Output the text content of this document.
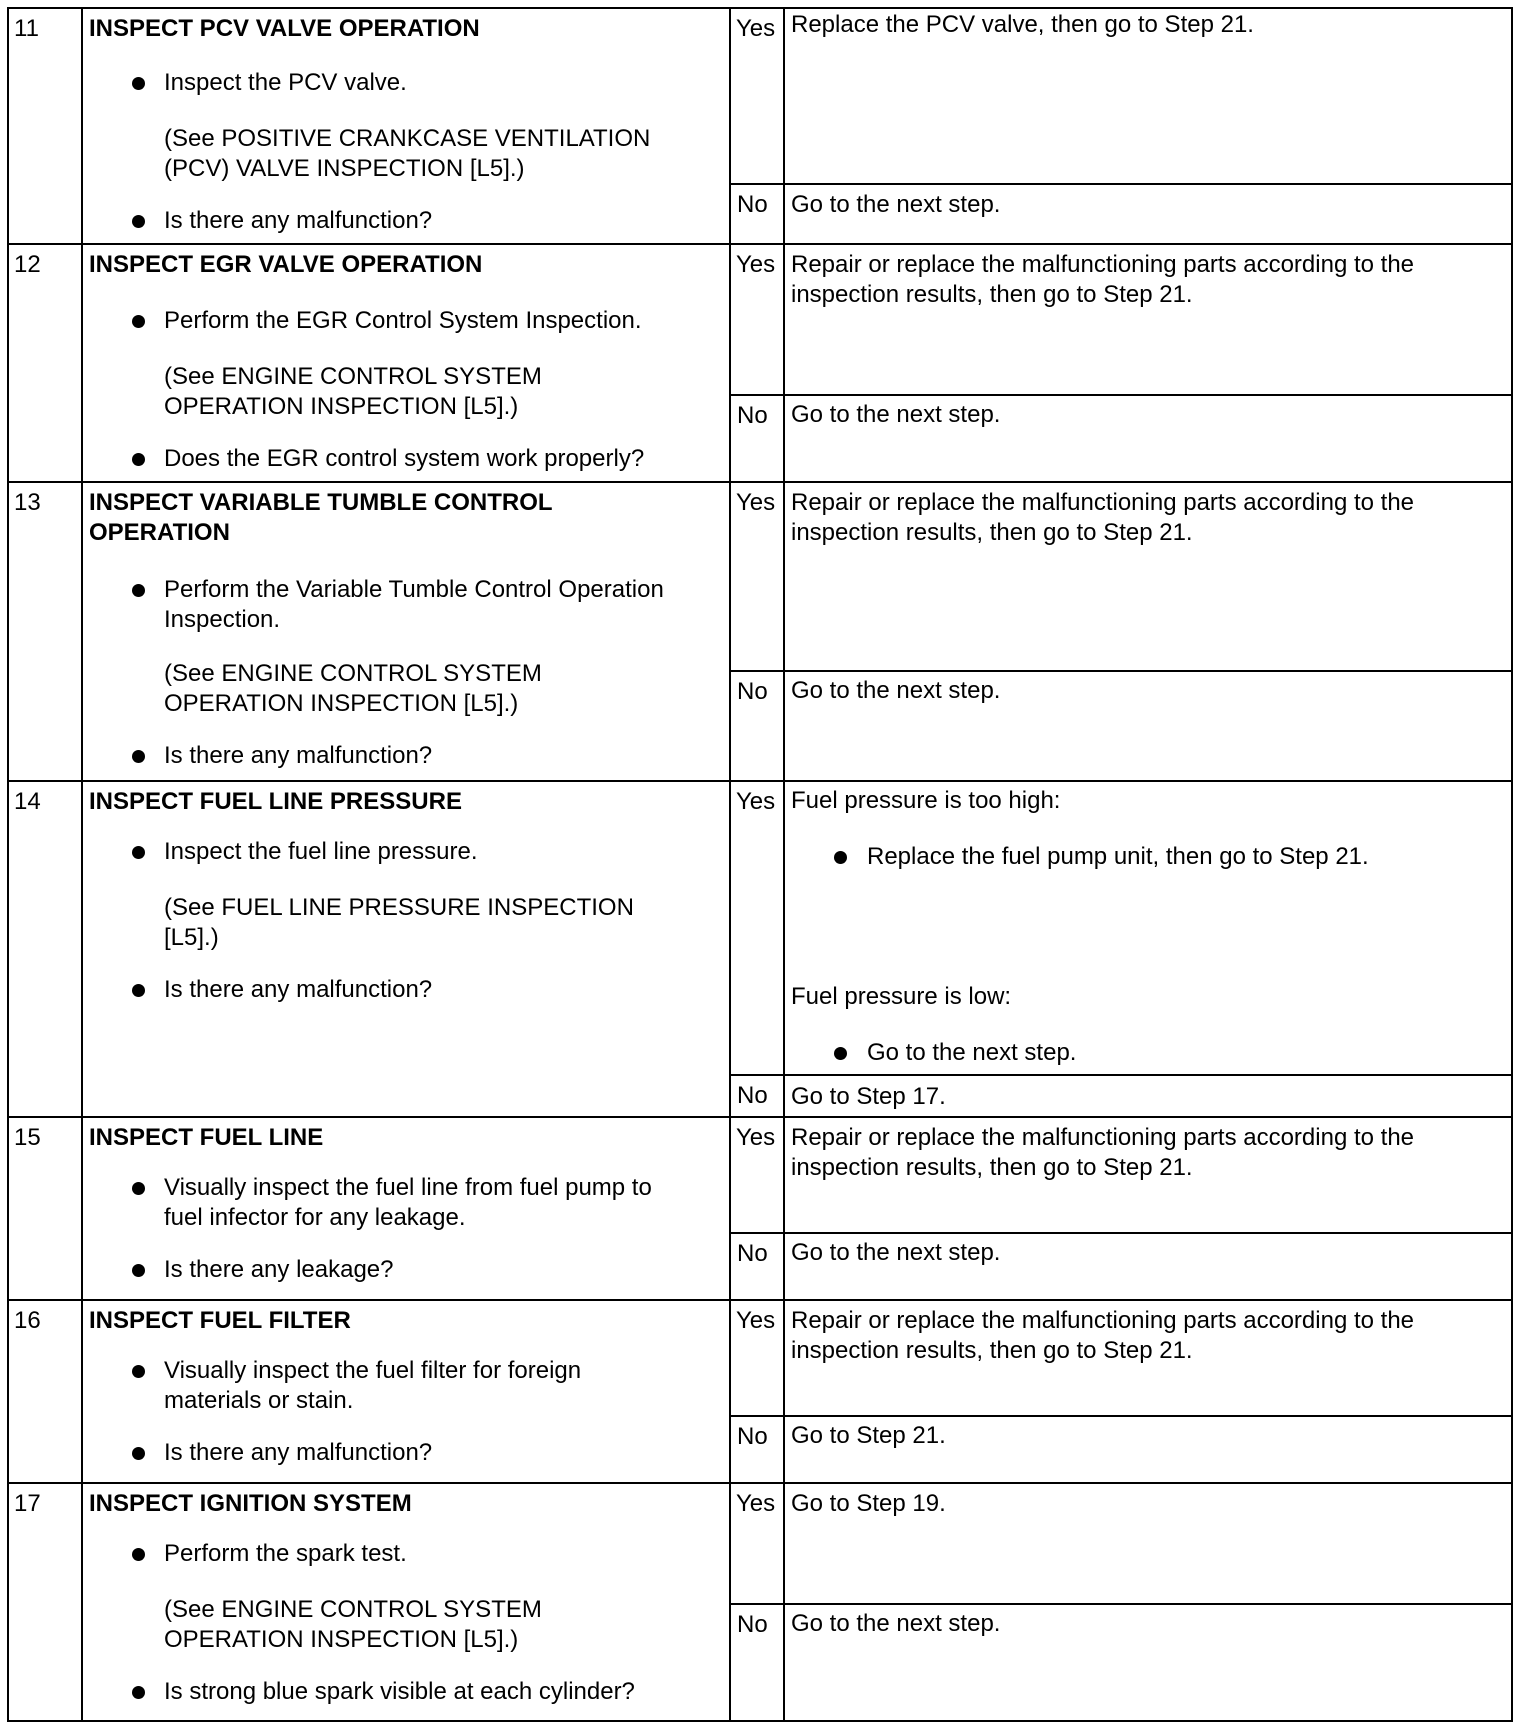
11 INSPECT PCV VALVE OPERATION
Inspect the PCV valve.
(See POSITIVE CRANKCASE VENTILATION
(PCV) VALVE INSPECTION [L5].)
Is there any malfunction?
Yes Replace the PCV valve, then go to Step 21.
No Go to the next step.
12 INSPECT EGR VALVE OPERATION
Perform the EGR Control System Inspection.
(See ENGINE CONTROL SYSTEM
OPERATION INSPECTION [L5].)
Does the EGR control system work properly?
Yes Repair or replace the malfunctioning parts according to the
inspection results, then go to Step 21.
No Go to the next step.
13 INSPECT VARIABLE TUMBLE CONTROL
OPERATION
Perform the Variable Tumble Control Operation
Inspection.
(See ENGINE CONTROL SYSTEM
OPERATION INSPECTION [L5].)
Is there any malfunction?
Yes Repair or replace the malfunctioning parts according to the
inspection results, then go to Step 21.
No Go to the next step.
14 INSPECT FUEL LINE PRESSURE
Inspect the fuel line pressure.
(See FUEL LINE PRESSURE INSPECTION
[L5].)
Is there any malfunction?
Yes Fuel pressure is too high:
Replace the fuel pump unit, then go to Step 21.
Fuel pressure is low:
Go to the next step.
No Go to Step 17.
15 INSPECT FUEL LINE
Visually inspect the fuel line from fuel pump to
fuel infector for any leakage.
Is there any leakage?
Yes Repair or replace the malfunctioning parts according to the
inspection results, then go to Step 21.
No Go to the next step.
16 INSPECT FUEL FILTER
Visually inspect the fuel filter for foreign
materials or stain.
Is there any malfunction?
Yes Repair or replace the malfunctioning parts according to the
inspection results, then go to Step 21.
No Go to Step 21.
17 INSPECT IGNITION SYSTEM
Perform the spark test.
(See ENGINE CONTROL SYSTEM
OPERATION INSPECTION [L5].)
Is strong blue spark visible at each cylinder?
Yes Go to Step 19.
No Go to the next step.
